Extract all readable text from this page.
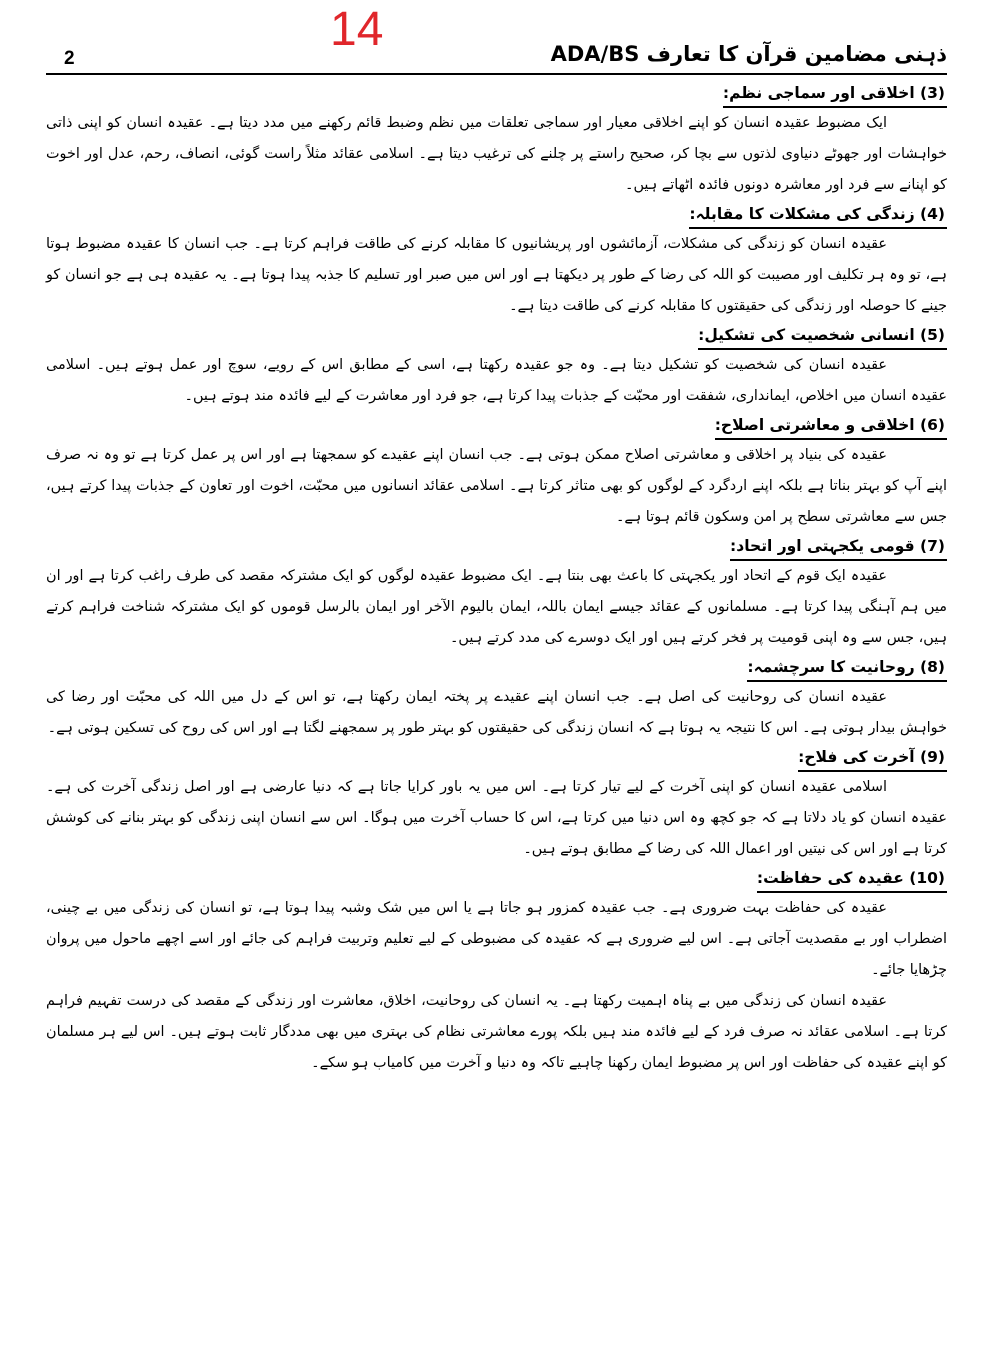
2
14	ذہنی مضامین قرآن کا تعارف ADA/BS
(3) اخلاقی اور سماجی نظم:

ایک مضبوط عقیدہ انسان کو اپنے اخلاقی معیار اور سماجی تعلقات میں نظم وضبط قائم رکھنے میں مدد دیتا ہے۔ عقیدہ انسان کو اپنی ذاتی خواہشات اور جھوٹے دنیاوی لذتوں سے بچا کر، صحیح راستے پر چلنے کی ترغیب دیتا ہے۔ اسلامی عقائد مثلاً راست گوئی، انصاف، رحم، عدل اور اخوت کو اپنانے سے فرد اور معاشرہ دونوں فائدہ اٹھاتے ہیں۔

(4) زندگی کی مشکلات کا مقابلہ:

عقیدہ انسان کو زندگی کی مشکلات، آزمائشوں اور پریشانیوں کا مقابلہ کرنے کی طاقت فراہم کرتا ہے۔ جب انسان کا عقیدہ مضبوط ہوتا ہے، تو وہ ہر تکلیف اور مصیبت کو اللہ کی رضا کے طور پر دیکھتا ہے اور اس میں صبر اور تسلیم کا جذبہ پیدا ہوتا ہے۔ یہ عقیدہ ہی ہے جو انسان کو جینے کا حوصلہ اور زندگی کی حقیقتوں کا مقابلہ کرنے کی طاقت دیتا ہے۔

(5) انسانی شخصیت کی تشکیل:

عقیدہ انسان کی شخصیت کو تشکیل دیتا ہے۔ وہ جو عقیدہ رکھتا ہے، اسی کے مطابق اس کے رویے، سوچ اور عمل ہوتے ہیں۔ اسلامی عقیدہ انسان میں اخلاص، ایمانداری، شفقت اور محبّت کے جذبات پیدا کرتا ہے، جو فرد اور معاشرت کے لیے فائدہ مند ہوتے ہیں۔

(6) اخلاقی و معاشرتی اصلاح:

عقیدہ کی بنیاد پر اخلاقی و معاشرتی اصلاح ممکن ہوتی ہے۔ جب انسان اپنے عقیدے کو سمجھتا ہے اور اس پر عمل کرتا ہے تو وہ نہ صرف اپنے آپ کو بہتر بناتا ہے بلکہ اپنے اردگرد کے لوگوں کو بھی متاثر کرتا ہے۔ اسلامی عقائد انسانوں میں محبّت، اخوت اور تعاون کے جذبات پیدا کرتے ہیں، جس سے معاشرتی سطح پر امن وسکون قائم ہوتا ہے۔

(7) قومی یکجہتی اور اتحاد:

عقیدہ ایک قوم کے اتحاد اور یکجہتی کا باعث بھی بنتا ہے۔ ایک مضبوط عقیدہ لوگوں کو ایک مشترکہ مقصد کی طرف راغب کرتا ہے اور ان میں ہم آہنگی پیدا کرتا ہے۔ مسلمانوں کے عقائد جیسے ایمان باللہ، ایمان بالیوم الآخر اور ایمان بالرسل قوموں کو ایک مشترکہ شناخت فراہم کرتے ہیں، جس سے وہ اپنی قومیت پر فخر کرتے ہیں اور ایک دوسرے کی مدد کرتے ہیں۔

(8) روحانیت کا سرچشمہ:

عقیدہ انسان کی روحانیت کی اصل ہے۔ جب انسان اپنے عقیدے پر پختہ ایمان رکھتا ہے، تو اس کے دل میں اللہ کی محبّت اور رضا کی خواہش بیدار ہوتی ہے۔ اس کا نتیجہ یہ ہوتا ہے کہ انسان زندگی کی حقیقتوں کو بہتر طور پر سمجھنے لگتا ہے اور اس کی روح کی تسکین ہوتی ہے۔

(9) آخرت کی فلاح:

اسلامی عقیدہ انسان کو اپنی آخرت کے لیے تیار کرتا ہے۔ اس میں یہ باور کرایا جاتا ہے کہ دنیا عارضی ہے اور اصل زندگی آخرت کی ہے۔ عقیدہ انسان کو یاد دلاتا ہے کہ جو کچھ وہ اس دنیا میں کرتا ہے، اس کا حساب آخرت میں ہوگا۔ اس سے انسان اپنی زندگی کو بہتر بنانے کی کوشش کرتا ہے اور اس کی نیتیں اور اعمال اللہ کی رضا کے مطابق ہوتے ہیں۔

(10) عقیدہ کی حفاظت:

عقیدہ کی حفاظت بہت ضروری ہے۔ جب عقیدہ کمزور ہو جاتا ہے یا اس میں شک وشبہ پیدا ہوتا ہے، تو انسان کی زندگی میں بے چینی، اضطراب اور بے مقصدیت آجاتی ہے۔ اس لیے ضروری ہے کہ عقیدہ کی مضبوطی کے لیے تعلیم وتربیت فراہم کی جائے اور اسے اچھے ماحول میں پروان چڑھایا جائے۔

عقیدہ انسان کی زندگی میں بے پناہ اہمیت رکھتا ہے۔ یہ انسان کی روحانیت، اخلاق، معاشرت اور زندگی کے مقصد کی درست تفہیم فراہم کرتا ہے۔ اسلامی عقائد نہ صرف فرد کے لیے فائدہ مند ہیں بلکہ پورے معاشرتی نظام کی بہتری میں بھی مددگار ثابت ہوتے ہیں۔ اس لیے ہر مسلمان کو اپنے عقیدہ کی حفاظت اور اس پر مضبوط ایمان رکھنا چاہیے تاکہ وہ دنیا و آخرت میں کامیاب ہو سکے۔
